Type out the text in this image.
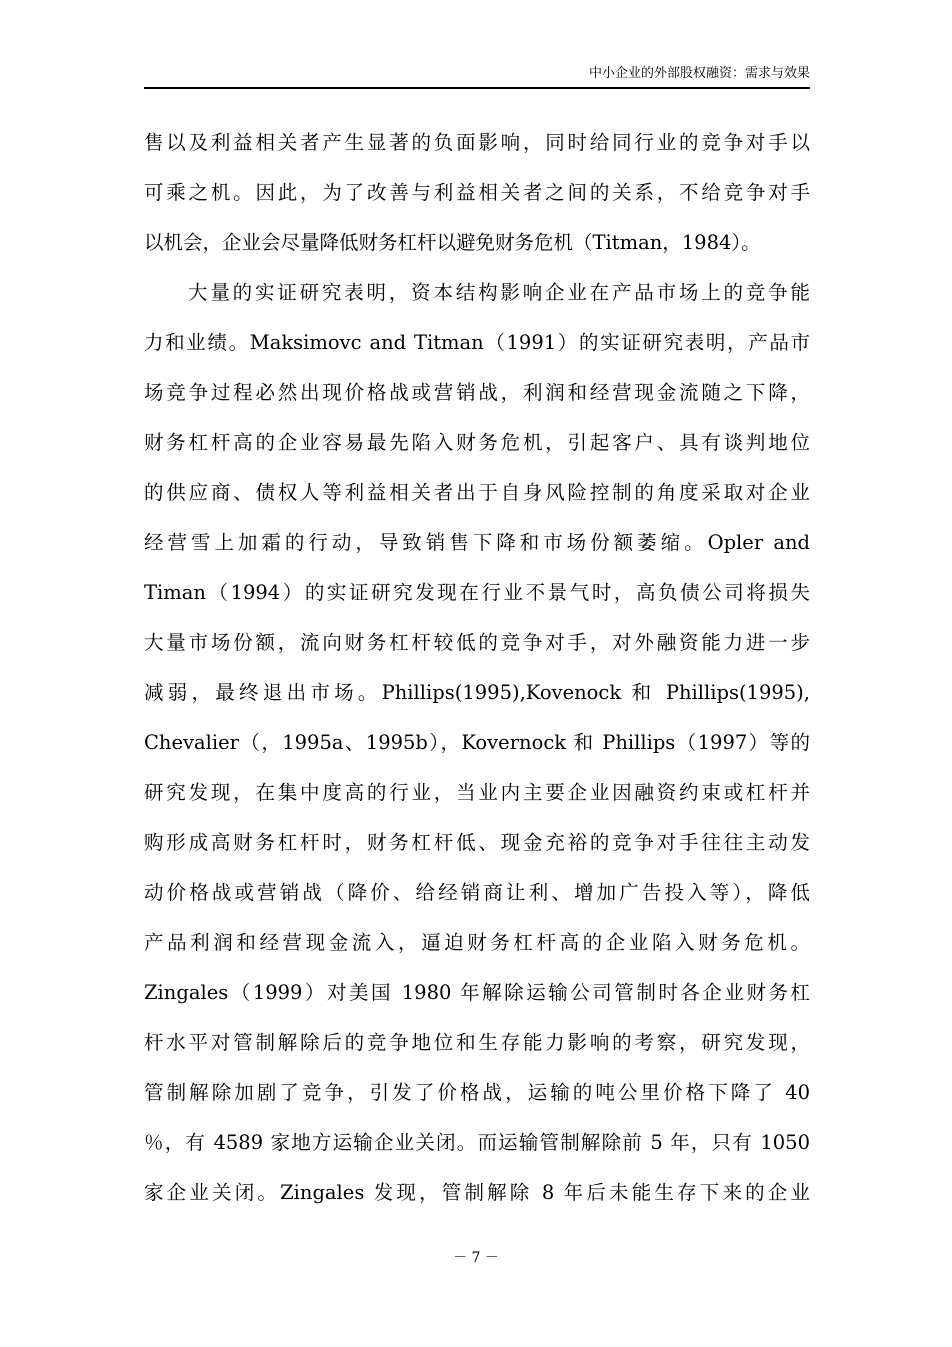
中小企业的外部股权融资：需求与效果
售以及利益相关者产生显著的负面影响，同时给同行业的竞争对手以
可乘之机。因此，为了改善与利益相关者之间的关系，不给竞争对手
以机会，企业会尽量降低财务杠杆以避免财务危机（Titman，1984）。
大量的实证研究表明，资本结构影响企业在产品市场上的竞争能
力和业绩。Maksimovc and Titman（1991）的实证研究表明，产品市
场竞争过程必然出现价格战或营销战，利润和经营现金流随之下降，
财务杠杆高的企业容易最先陷入财务危机，引起客户、具有谈判地位
的供应商、债权人等利益相关者出于自身风险控制的角度采取对企业
经营雪上加霜的行动，导致销售下降和市场份额萎缩。Opler and
Timan（1994）的实证研究发现在行业不景气时，高负债公司将损失
大量市场份额，流向财务杠杆较低的竞争对手，对外融资能力进一步
减弱，最终退出市场。Phillips(1995),Kovenock 和 Phillips(1995),
Chevalier（，1995a、1995b），Kovernock 和 Phillips（1997）等的
研究发现，在集中度高的行业，当业内主要企业因融资约束或杠杆并
购形成高财务杠杆时，财务杠杆低、现金充裕的竞争对手往往主动发
动价格战或营销战（降价、给经销商让利、增加广告投入等），降低
产品利润和经营现金流入，逼迫财务杠杆高的企业陷入财务危机。
Zingales（1999）对美国 1980 年解除运输公司管制时各企业财务杠
杆水平对管制解除后的竞争地位和生存能力影响的考察，研究发现，
管制解除加剧了竞争，引发了价格战，运输的吨公里价格下降了 40
％，有 4589 家地方运输企业关闭。而运输管制解除前 5 年，只有 1050
家企业关闭。Zingales 发现，管制解除 8 年后未能生存下来的企业
－ 7 －
